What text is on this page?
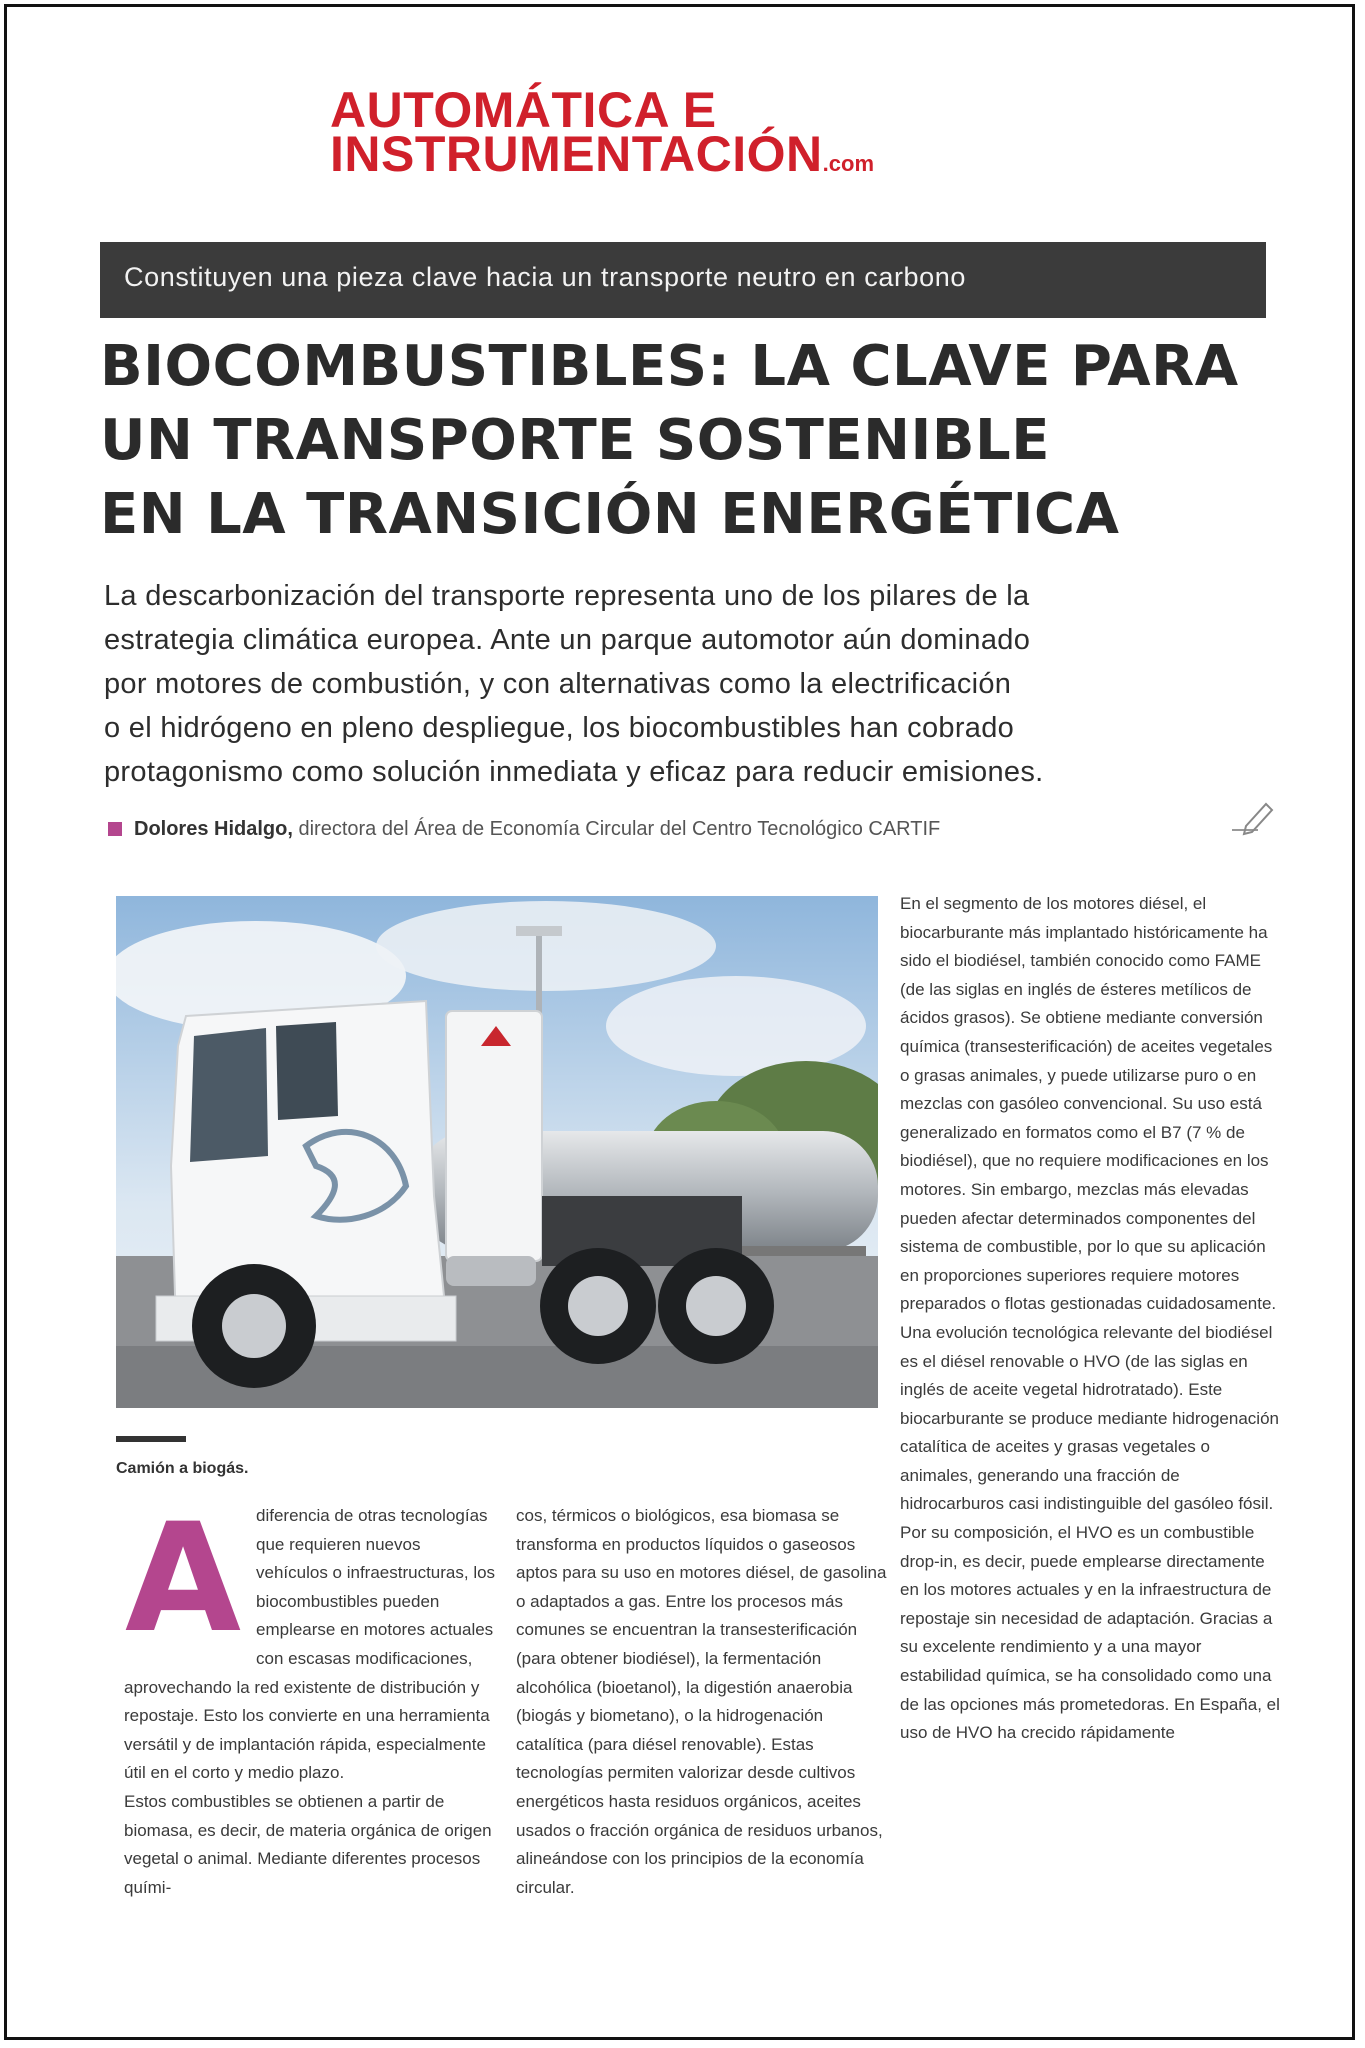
AUTOMÁTICA E
INSTRUMENTACIÓN.com
Constituyen una pieza clave hacia un transporte neutro en carbono
BIOCOMBUSTIBLES: LA CLAVE PARA
UN TRANSPORTE SOSTENIBLE
EN LA TRANSICIÓN ENERGÉTICA
La descarbonización del transporte representa uno de los pilares de la
estrategia climática europea. Ante un parque automotor aún dominado
por motores de combustión, y con alternativas como la electrificación
o el hidrógeno en pleno despliegue, los biocombustibles han cobrado
protagonismo como solución inmediata y eficaz para reducir emisiones.
Dolores Hidalgo, directora del Área de Economía Circular del Centro Tecnológico CARTIF
Camión a biogás.
A diferencia de otras tecnologías que requieren nuevos vehículos o infraestructuras, los biocombustibles pueden emplearse en motores actuales con escasas modificaciones, aprovechando la red existente de distribución y repostaje. Esto los convierte en una herramienta versátil y de implantación rápida, especialmente útil en el corto y medio plazo.

Estos combustibles se obtienen a partir de biomasa, es decir, de materia orgánica de origen vegetal o animal. Mediante diferentes procesos quími-

cos, térmicos o biológicos, esa biomasa se transforma en productos líquidos o gaseosos aptos para su uso en motores diésel, de gasolina o adaptados a gas. Entre los procesos más comunes se encuentran la transesterificación (para obtener biodiésel), la fermentación alcohólica (bioetanol), la digestión anaerobia (biogás y biometano), o la hidrogenación catalítica (para diésel renovable). Estas tecnologías permiten valorizar desde cultivos energéticos hasta residuos orgánicos, aceites usados o fracción orgánica de residuos urbanos, alineándose con los principios de la economía circular.

En el segmento de los motores diésel, el biocarburante más implantado históricamente ha sido el biodiésel, también conocido como FAME (de las siglas en inglés de ésteres metílicos de ácidos grasos). Se obtiene mediante conversión química (transesterificación) de aceites vegetales o grasas animales, y puede utilizarse puro o en mezclas con gasóleo convencional. Su uso está generalizado en formatos como el B7 (7 % de biodiésel), que no requiere modificaciones en los motores. Sin embargo, mezclas más elevadas pueden afectar determinados componentes del sistema de combustible, por lo que su aplicación en proporciones superiores requiere motores preparados o flotas gestionadas cuidadosamente.

Una evolución tecnológica relevante del biodiésel es el diésel renovable o HVO (de las siglas en inglés de aceite vegetal hidrotratado). Este biocarburante se produce mediante hidrogenación catalítica de aceites y grasas vegetales o animales, generando una fracción de hidrocarburos casi indistinguible del gasóleo fósil. Por su composición, el HVO es un combustible drop-in, es decir, puede emplearse directamente en los motores actuales y en la infraestructura de repostaje sin necesidad de adaptación. Gracias a su excelente rendimiento y a una mayor estabilidad química, se ha consolidado como una de las opciones más prometedoras. En España, el uso de HVO ha crecido rápidamente
